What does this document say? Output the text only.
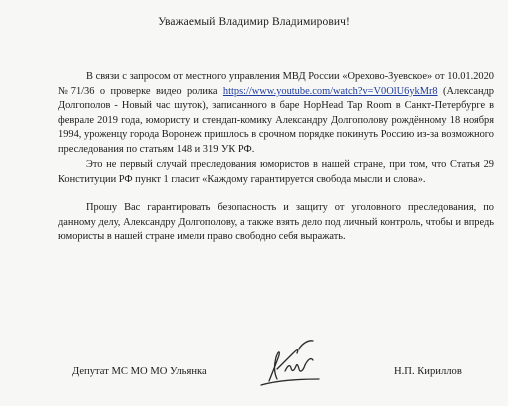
Уважаемый Владимир Владимирович!
В связи с запросом от местного управления МВД России «Орехово-Зуевское» от 10.01.2020 №71/36 о проверке видео ролика https://www.youtube.com/watch?v=V0OlU6ykMr8 (Александр Долгополов - Новый час шуток), записанного в баре HopHead Tap Room в Санкт-Петербурге в феврале 2019 года, юмористу и стендап-комику Александру Долгополову рождённому 18 ноября 1994, уроженцу города Воронеж пришлось в срочном порядке покинуть Россию из-за возможного преследования по статьям 148 и 319 УК РФ.
Это не первый случай преследования юмористов в нашей стране, при том, что Статья 29 Конституции РФ пункт 1 гласит «Каждому гарантируется свобода мысли и слова».
Прошу Вас гарантировать безопасность и защиту от уголовного преследования, по данному делу, Александру Долгополову, а также взять дело под личный контроль, чтобы и впредь юмористы в нашей стране имели право свободно себя выражать.
Депутат МС МО МО Ульянка	Н.П. Кириллов
